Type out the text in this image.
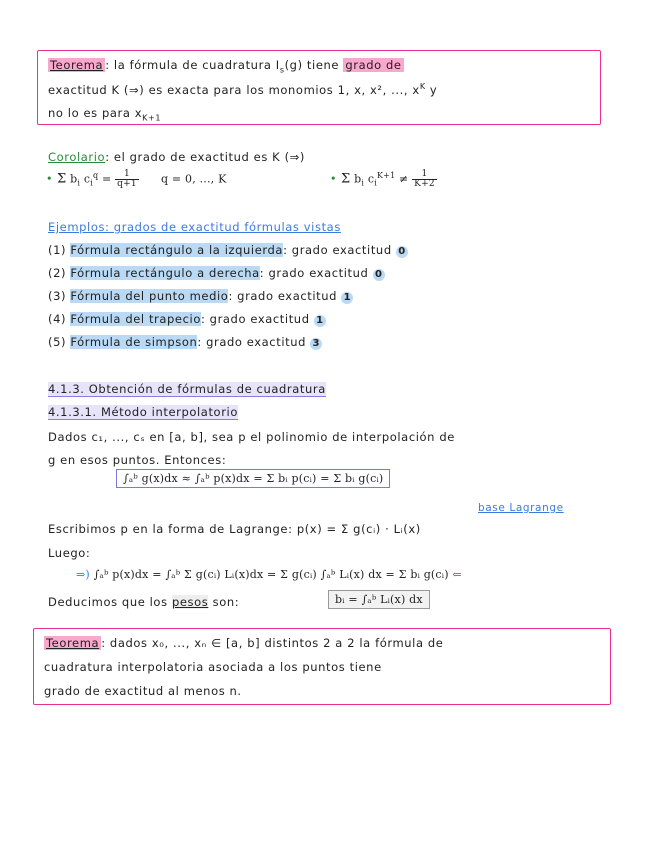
Teorema : la fórmula de cuadratura $I_s(g)$ tiene grado de
exactitud K (⇒) es exacta para los monomios 1, x, x², ..., $x^K$ y
no lo es para $x_{K+1}$
Corolario: el grado de exactitud es K (⇒)
• Σ $b_i$ $c_i^q = \frac{1}{q+1}$ q = 0, ..., K	• Σ $b_i$ $c_i^{K+1} \ne \frac{1}{K+2}$
Ejemplos: grados de exactitud fórmulas vistas
(1) Fórmula rectángulo a la izquierda: grado exactitud 0
(2) Fórmula rectángulo a derecha: grado exactitud 0
(3) Fórmula del punto medio: grado exactitud 1
(4) Fórmula del trapecio: grado exactitud 1
(5) Fórmula de simpson: grado exactitud 3
4.1.3. Obtención de fórmulas de cuadratura
4.1.3.1. Método interpolatorio
Dados c₁, ..., cₛ en [a, b], sea p el polinomio de interpolación de
g en esos puntos. Entonces:
∫ₐᵇ g(x)dx ≈ ∫ₐᵇ p(x)dx = Σ bᵢ p(cᵢ) = Σ bᵢ g(cᵢ)
base Lagrange
Escribimos p en la forma de Lagrange: p(x) = Σ g(cᵢ) · Lᵢ(x)
Luego:
⇒) ∫ₐᵇ p(x)dx = ∫ₐᵇ Σ g(cᵢ) Lᵢ(x)dx = Σ g(cᵢ) ∫ₐᵇ Lᵢ(x) dx = Σ bᵢ g(cᵢ) ⇐
Deducimos que los pesos son:	bᵢ = ∫ₐᵇ Lᵢ(x) dx
Teorema : dados x₀, ..., xₙ ∈ [a, b] distintos 2 a 2 la fórmula de
cuadratura interpolatoria asociada a los puntos tiene
grado de exactitud al menos n.
